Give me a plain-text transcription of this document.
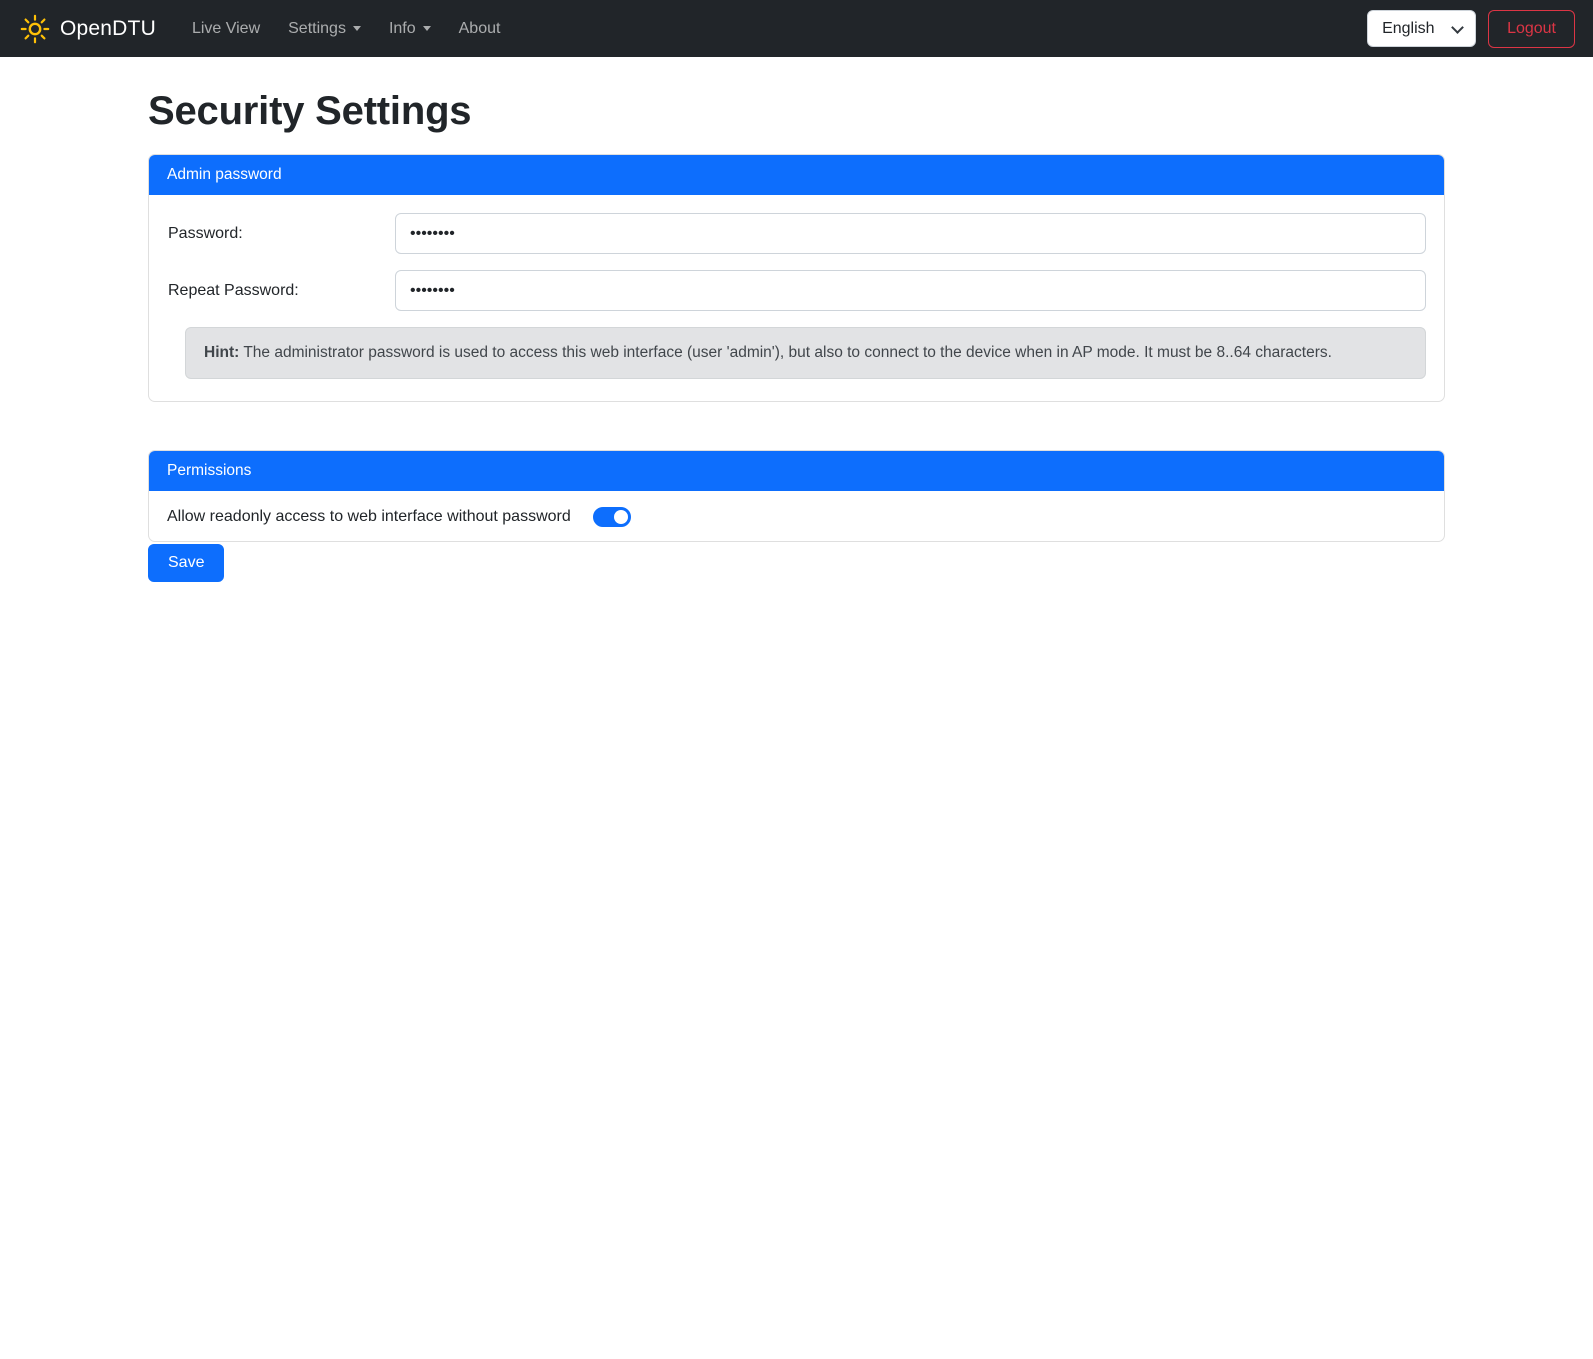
OpenDTU Live View Settings	Info	About
English	Logout
Security Settings
Admin password
Password:
Repeat Password:
Hint: The administrator password is used to access this web interface (user 'admin'), but also to connect to the device when in AP mode. It must be 8..64 characters.
Permissions
Allow readonly access to web interface without password
Save
